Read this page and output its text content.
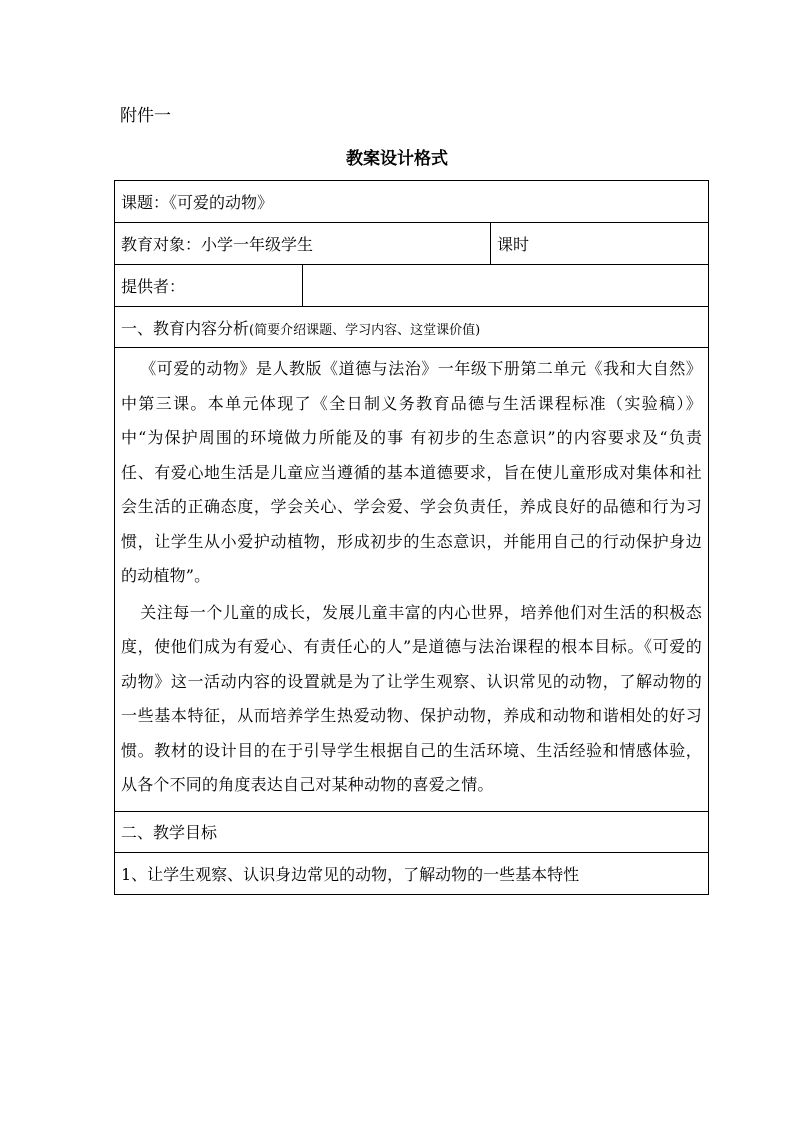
附件一
教案设计格式
课题：《可爱的动物》		
教育对象：小学一年级学生		课时
提供者：		
一、教育内容分析(简要介绍课题、学习内容、这堂课价值)		

《可爱的动物》是人教版《道德与法治》一年级下册第二单元《我和大自然》中第三课。本单元体现了《全日制义务教育品德与生活课程标准（实验稿）》中“为保护周围的环境做力所能及的事 有初步的生态意识”的内容要求及“负责任、有爱心地生活是儿童应当遵循的基本道德要求，旨在使儿童形成对集体和社会生活的正确态度，学会关心、学会爱、学会负责任，养成良好的品德和行为习惯，让学生从小爱护动植物，形成初步的生态意识，并能用自己的行动保护身边的动植物”。

关注每一个儿童的成长，发展儿童丰富的内心世界，培养他们对生活的积极态度，使他们成为有爱心、有责任心的人”是道德与法治课程的根本目标。《可爱的动物》这一活动内容的设置就是为了让学生观察、认识常见的动物，了解动物的一些基本特征，从而培养学生热爱动物、保护动物，养成和动物和谐相处的好习惯。教材的设计目的在于引导学生根据自己的生活环境、生活经验和情感体验，从各个不同的角度表达自己对某种动物的喜爱之情。		

二、教学目标		
1、让学生观察、认识身边常见的动物，了解动物的一些基本特性		
